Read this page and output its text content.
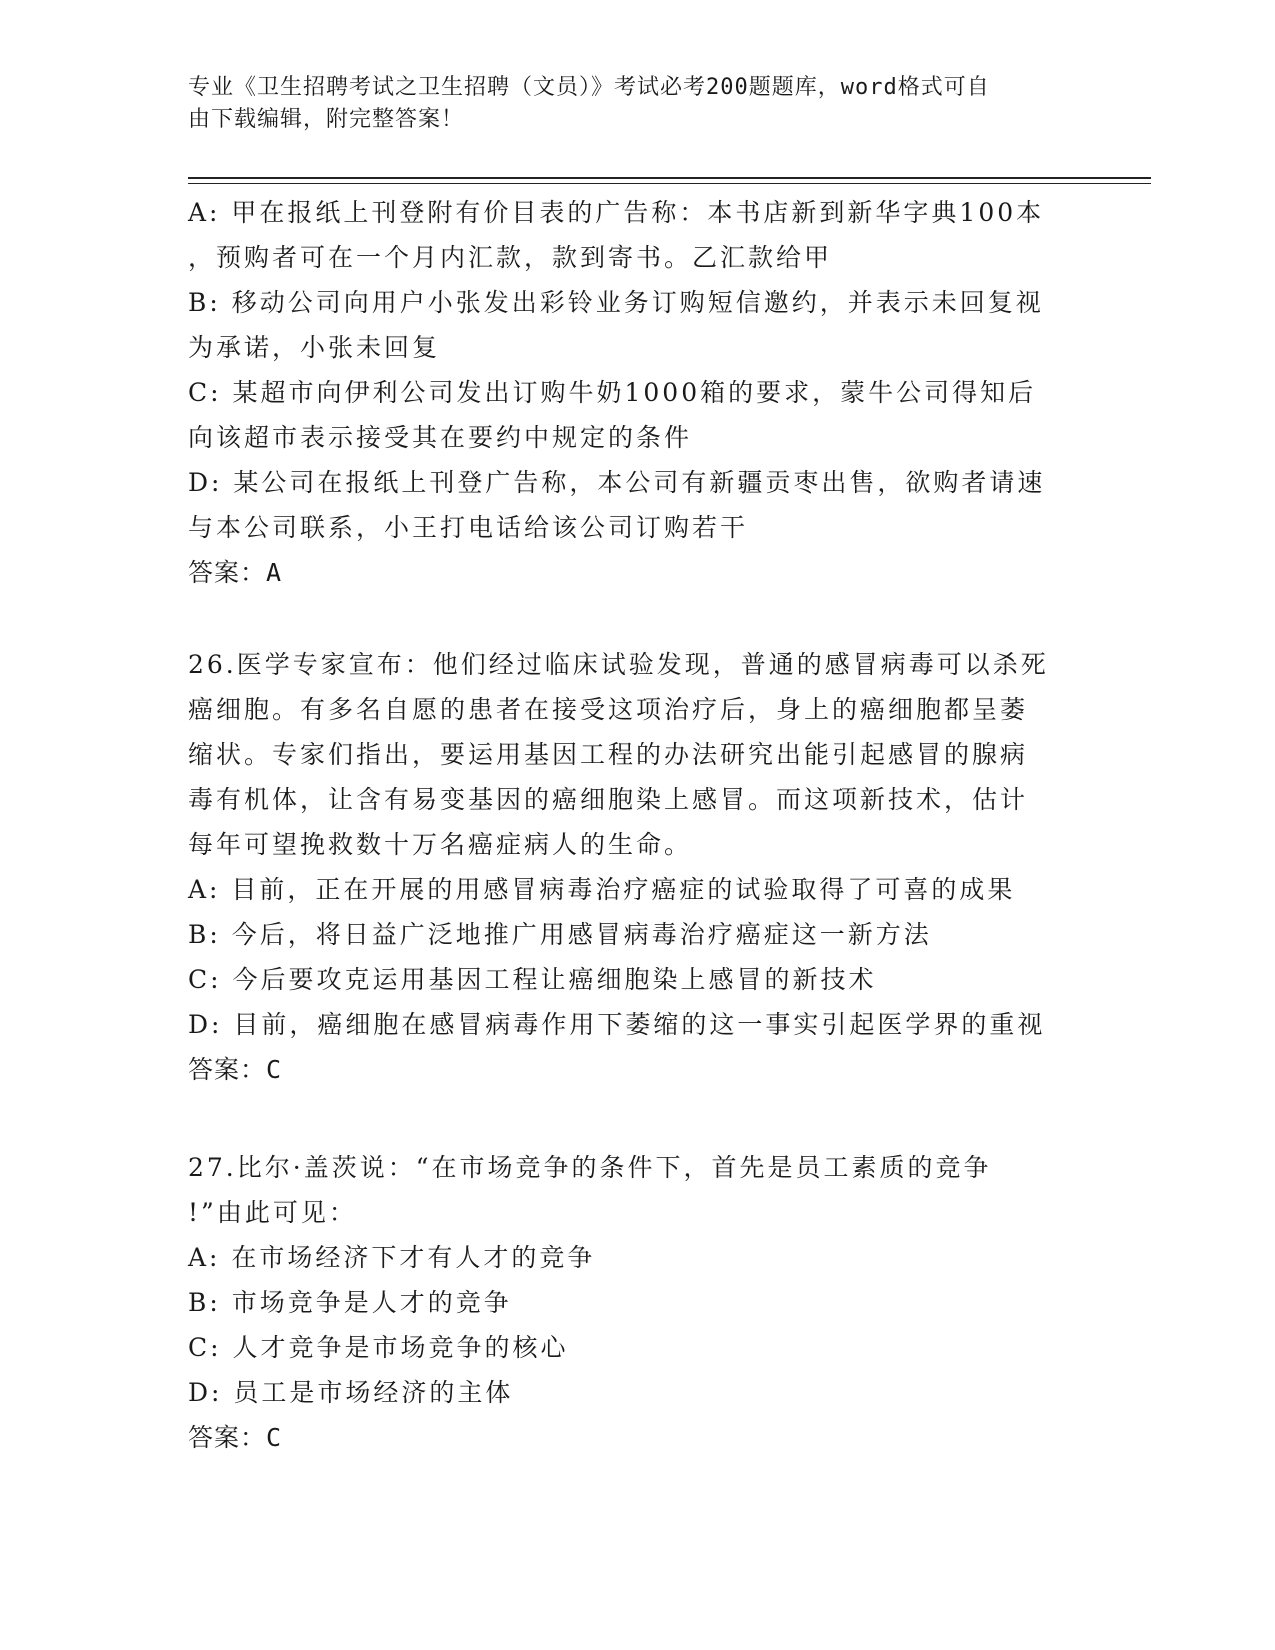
专业《卫生招聘考试之卫生招聘（文员）》考试必考200题题库，word格式可自
由下载编辑，附完整答案！
A: 甲在报纸上刊登附有价目表的广告称：本书店新到新华字典100本
，预购者可在一个月内汇款，款到寄书。乙汇款给甲
B: 移动公司向用户小张发出彩铃业务订购短信邀约，并表示未回复视
为承诺，小张未回复
C: 某超市向伊利公司发出订购牛奶1000箱的要求，蒙牛公司得知后
向该超市表示接受其在要约中规定的条件
D: 某公司在报纸上刊登广告称，本公司有新疆贡枣出售，欲购者请速
与本公司联系，小王打电话给该公司订购若干
答案：A
26.医学专家宣布：他们经过临床试验发现，普通的感冒病毒可以杀死
癌细胞。有多名自愿的患者在接受这项治疗后，身上的癌细胞都呈萎
缩状。专家们指出，要运用基因工程的办法研究出能引起感冒的腺病
毒有机体，让含有易变基因的癌细胞染上感冒。而这项新技术，估计
每年可望挽救数十万名癌症病人的生命。
A: 目前，正在开展的用感冒病毒治疗癌症的试验取得了可喜的成果
B: 今后，将日益广泛地推广用感冒病毒治疗癌症这一新方法
C: 今后要攻克运用基因工程让癌细胞染上感冒的新技术
D: 目前，癌细胞在感冒病毒作用下萎缩的这一事实引起医学界的重视
答案：C
27.比尔·盖茨说：“在市场竞争的条件下，首先是员工素质的竞争
!”由此可见：
A: 在市场经济下才有人才的竞争
B: 市场竞争是人才的竞争
C: 人才竞争是市场竞争的核心
D: 员工是市场经济的主体
答案：C
